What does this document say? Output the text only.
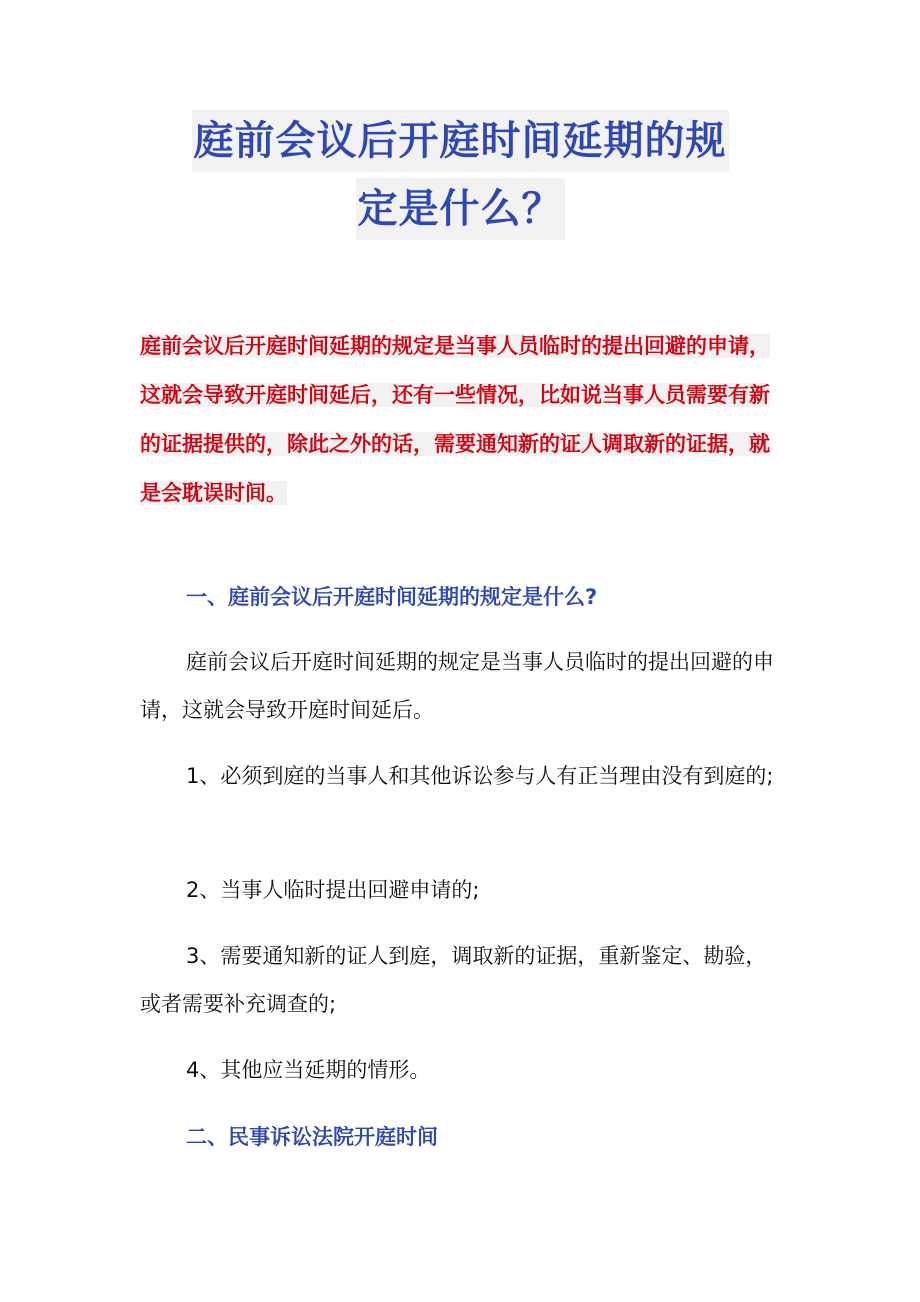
庭前会议后开庭时间延期的规
定是什么？
庭前会议后开庭时间延期的规定是当事人员临时的提出回避的申请，这就会导致开庭时间延后，还有一些情况，比如说当事人员需要有新的证据提供的，除此之外的话，需要通知新的证人调取新的证据，就是会耽误时间。
一、庭前会议后开庭时间延期的规定是什么?
庭前会议后开庭时间延期的规定是当事人员临时的提出回避的申请，这就会导致开庭时间延后。
1、必须到庭的当事人和其他诉讼参与人有正当理由没有到庭的;
2、当事人临时提出回避申请的;
3、需要通知新的证人到庭，调取新的证据，重新鉴定、勘验，或者需要补充调查的;
4、其他应当延期的情形。
二、民事诉讼法院开庭时间
